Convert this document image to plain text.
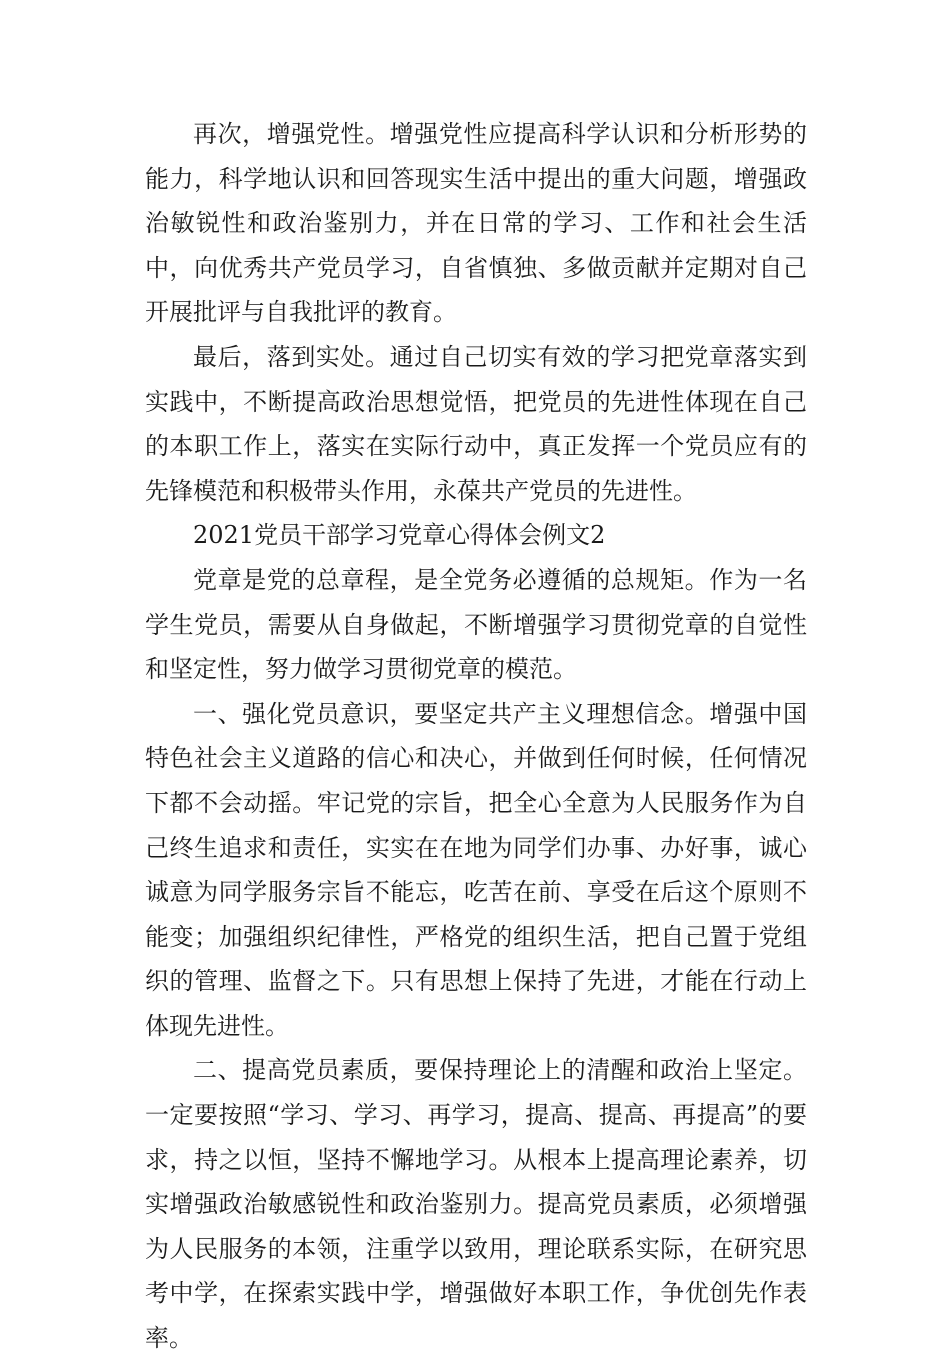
再次，增强党性。增强党性应提高科学认识和分析形势的能力，科学地认识和回答现实生活中提出的重大问题，增强政治敏锐性和政治鉴别力，并在日常的学习、工作和社会生活中，向优秀共产党员学习，自省慎独、多做贡献并定期对自己开展批评与自我批评的教育。

最后，落到实处。通过自己切实有效的学习把党章落实到实践中，不断提高政治思想觉悟，把党员的先进性体现在自己的本职工作上，落实在实际行动中，真正发挥一个党员应有的先锋模范和积极带头作用，永葆共产党员的先进性。

2021党员干部学习党章心得体会例文2

党章是党的总章程，是全党务必遵循的总规矩。作为一名学生党员，需要从自身做起，不断增强学习贯彻党章的自觉性和坚定性，努力做学习贯彻党章的模范。

一、强化党员意识，要坚定共产主义理想信念。增强中国特色社会主义道路的信心和决心，并做到任何时候，任何情况下都不会动摇。牢记党的宗旨，把全心全意为人民服务作为自己终生追求和责任，实实在在地为同学们办事、办好事，诚心诚意为同学服务宗旨不能忘，吃苦在前、享受在后这个原则不能变；加强组织纪律性，严格党的组织生活，把自己置于党组织的管理、监督之下。只有思想上保持了先进，才能在行动上体现先进性。

二、提高党员素质，要保持理论上的清醒和政治上坚定。一定要按照“学习、学习、再学习，提高、提高、再提高”的要求，持之以恒，坚持不懈地学习。从根本上提高理论素养，切实增强政治敏感锐性和政治鉴别力。提高党员素质，必须增强为人民服务的本领，注重学以致用，理论联系实际，在研究思考中学，在探索实践中学，增强做好本职工作，争优创先作表率。
